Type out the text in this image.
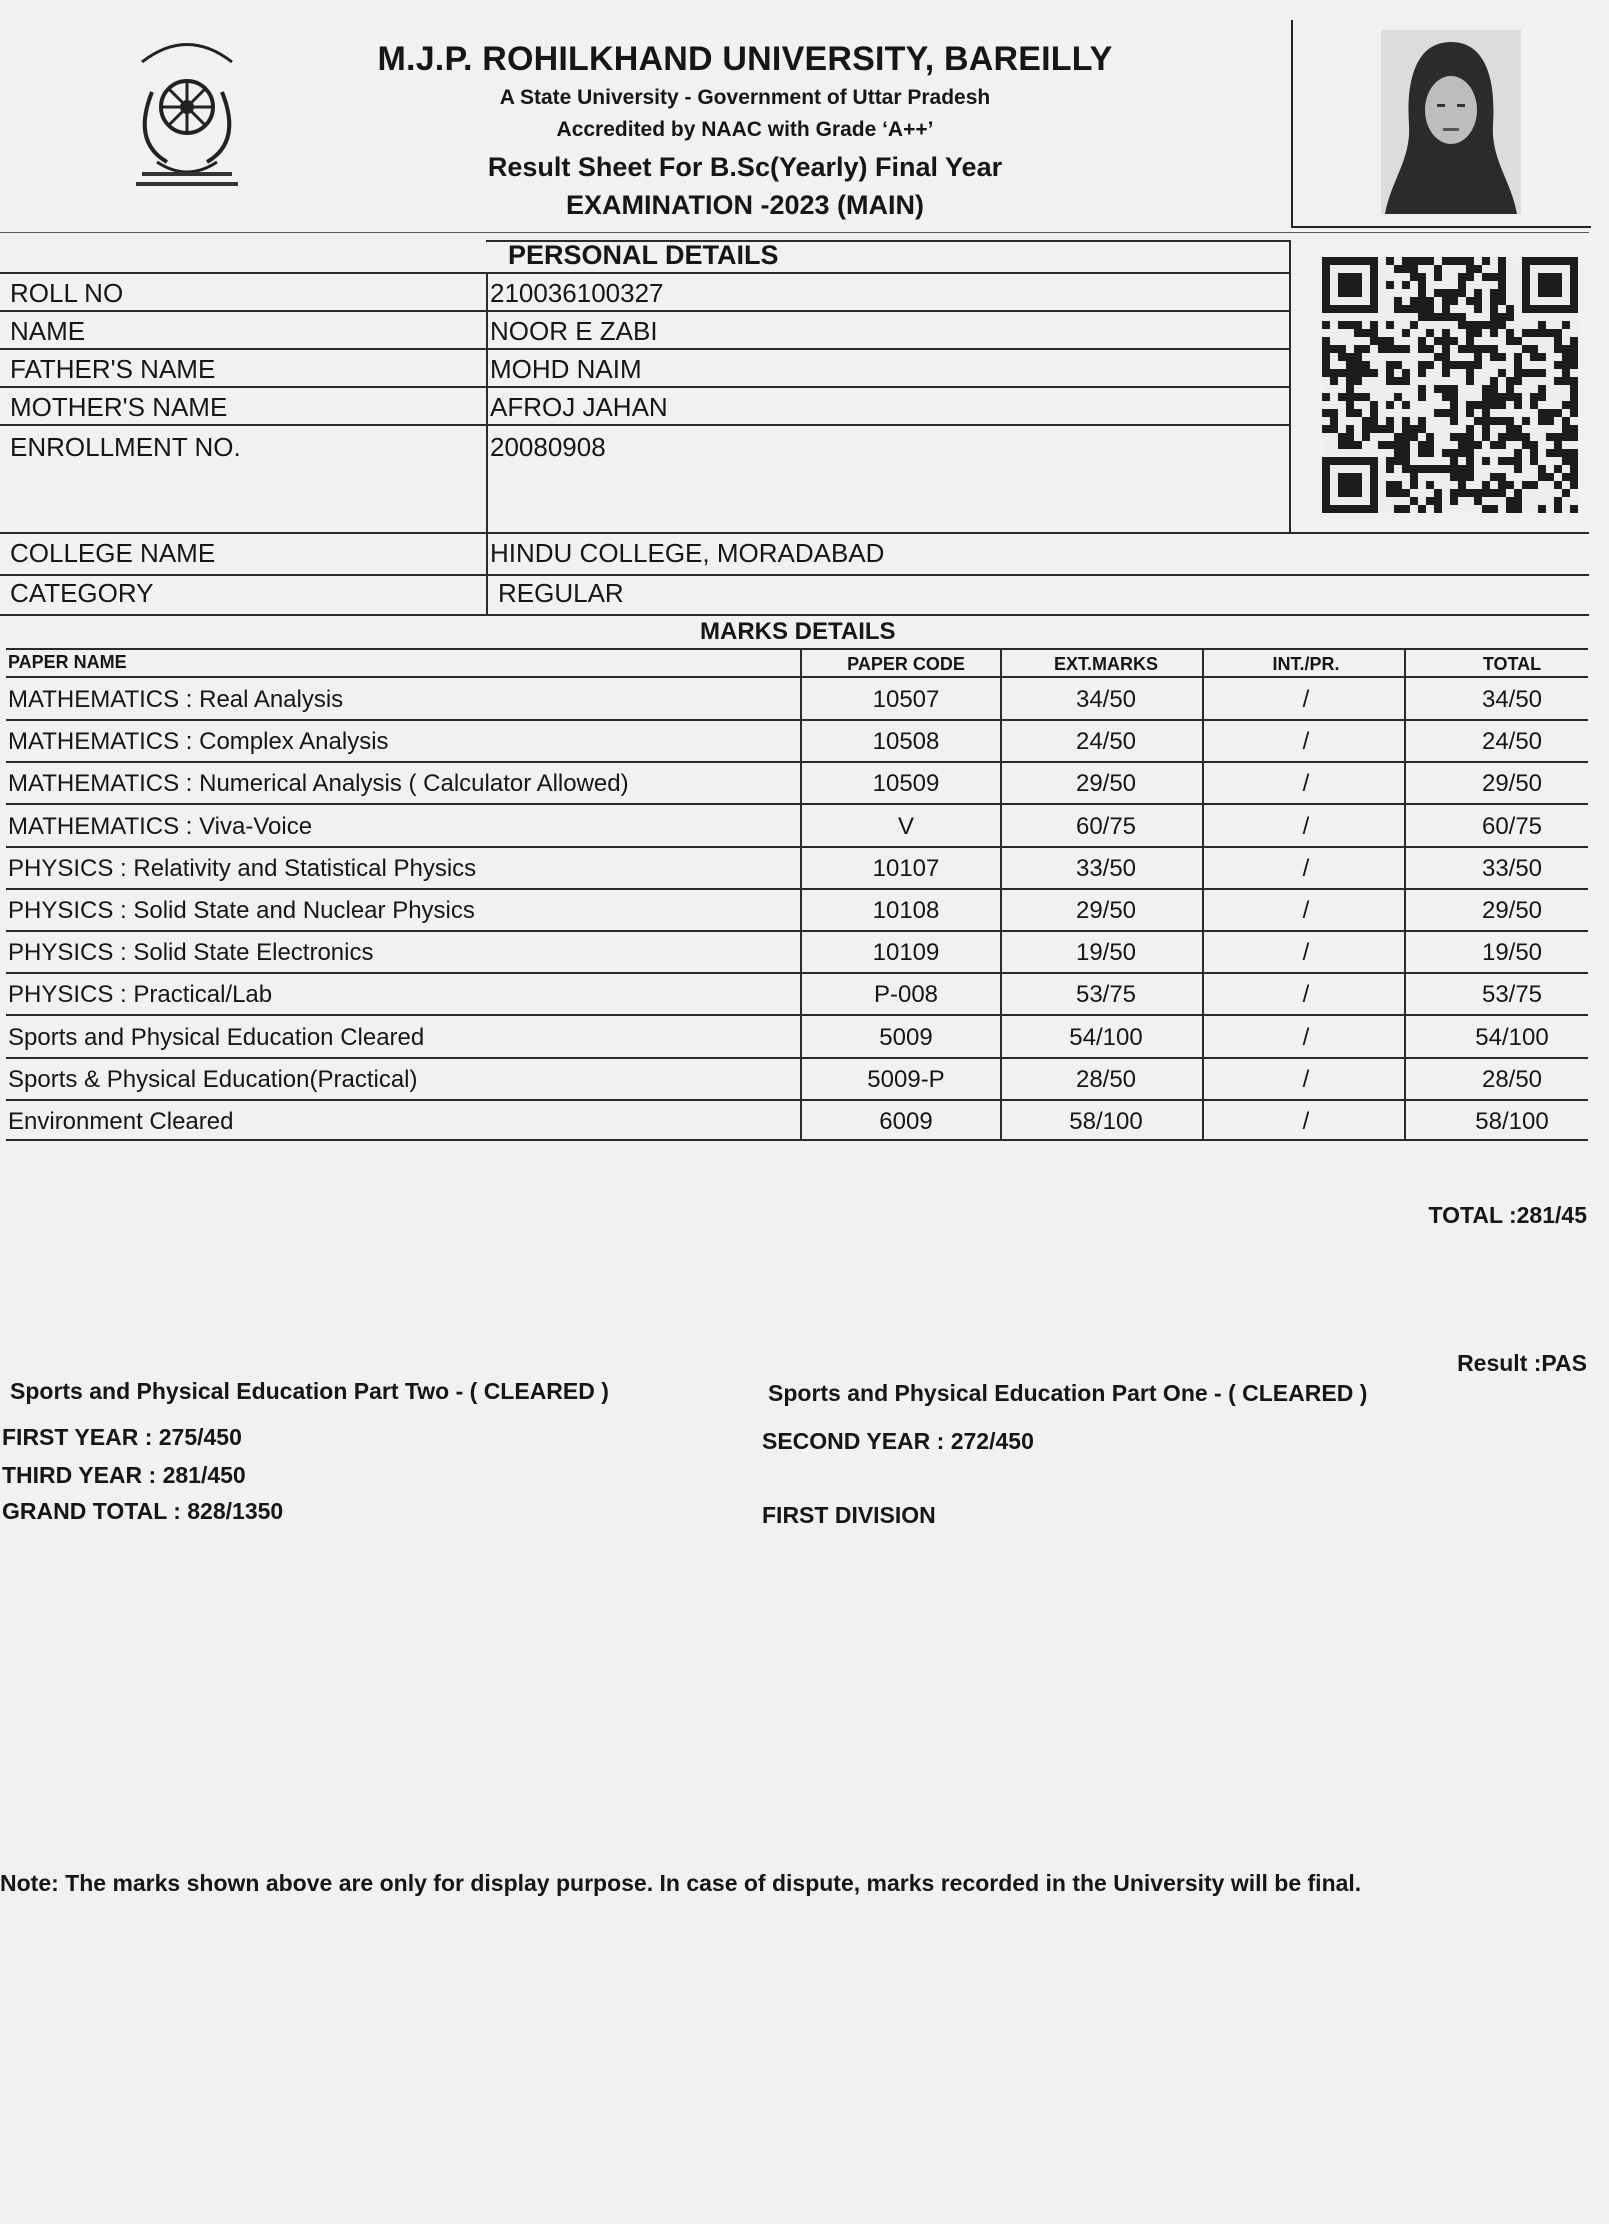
M.J.P. ROHILKHAND UNIVERSITY, BAREILLY
A State University - Government of Uttar Pradesh
Accredited by NAAC with Grade ‘A++’
Result Sheet For B.Sc(Yearly) Final Year
EXAMINATION -2023 (MAIN)
PERSONAL DETAILS
ROLL NO	210036100327
NAME	NOOR E ZABI
FATHER'S NAME	MOHD NAIM
MOTHER'S NAME	AFROJ JAHAN
ENROLLMENT NO.	20080908
COLLEGE NAME	HINDU COLLEGE, MORADABAD
CATEGORY	REGULAR
MARKS DETAILS
PAPER NAME	PAPER CODE	EXT.MARKS	INT./PR.	TOTAL
MATHEMATICS : Real Analysis	10507	34/50	/	34/50
MATHEMATICS : Complex Analysis	10508	24/50	/	24/50
MATHEMATICS : Numerical Analysis ( Calculator Allowed)	10509	29/50	/	29/50
MATHEMATICS : Viva-Voice	V	60/75	/	60/75
PHYSICS : Relativity and Statistical Physics	10107	33/50	/	33/50
PHYSICS : Solid State and Nuclear Physics	10108	29/50	/	29/50
PHYSICS : Solid State Electronics	10109	19/50	/	19/50
PHYSICS : Practical/Lab	P-008	53/75	/	53/75
Sports and Physical Education Cleared	5009	54/100	/	54/100
Sports & Physical Education(Practical)	5009-P	28/50	/	28/50
Environment Cleared	6009	58/100	/	58/100
TOTAL :281/45
Result :PAS
Sports and Physical Education Part Two - ( CLEARED )	Sports and Physical Education Part One - ( CLEARED )
FIRST YEAR : 275/450	SECOND YEAR : 272/450
THIRD YEAR : 281/450
GRAND TOTAL : 828/1350	FIRST DIVISION
Note: The marks shown above are only for display purpose. In case of dispute, marks recorded in the University will be final.
